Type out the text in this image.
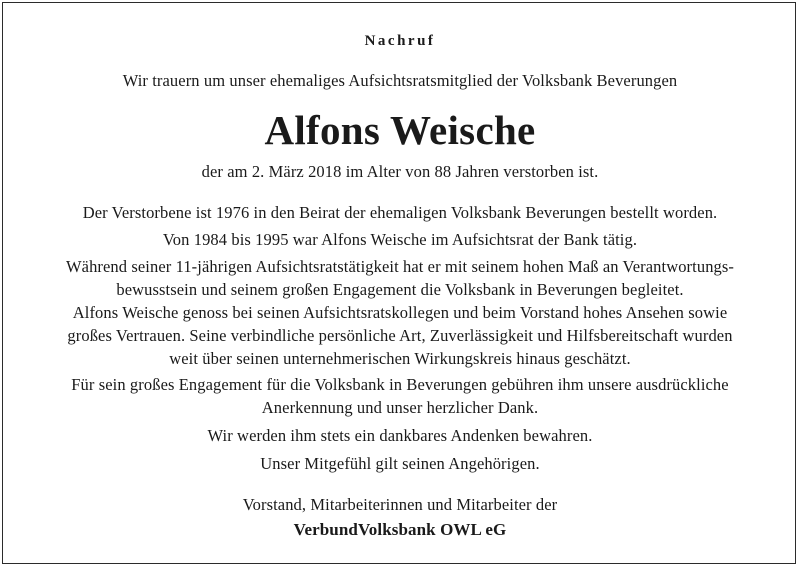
Nachruf
Wir trauern um unser ehemaliges Aufsichtsratsmitglied der Volksbank Beverungen
Alfons Weische
der am 2. März 2018 im Alter von 88 Jahren verstorben ist.
Der Verstorbene ist 1976 in den Beirat der ehemaligen Volksbank Beverungen bestellt worden.
Von 1984 bis 1995 war Alfons Weische im Aufsichtsrat der Bank tätig.
Während seiner 11-jährigen Aufsichtsratstätigkeit hat er mit seinem hohen Maß an Verantwortungs-
bewusstsein und seinem großen Engagement die Volksbank in Beverungen begleitet.
Alfons Weische genoss bei seinen Aufsichtsratskollegen und beim Vorstand hohes Ansehen sowie
großes Vertrauen. Seine verbindliche persönliche Art, Zuverlässigkeit und Hilfsbereitschaft wurden
weit über seinen unternehmerischen Wirkungskreis hinaus geschätzt.
Für sein großes Engagement für die Volksbank in Beverungen gebühren ihm unsere ausdrückliche
Anerkennung und unser herzlicher Dank.
Wir werden ihm stets ein dankbares Andenken bewahren.
Unser Mitgefühl gilt seinen Angehörigen.
Vorstand, Mitarbeiterinnen und Mitarbeiter der
VerbundVolksbank OWL eG
